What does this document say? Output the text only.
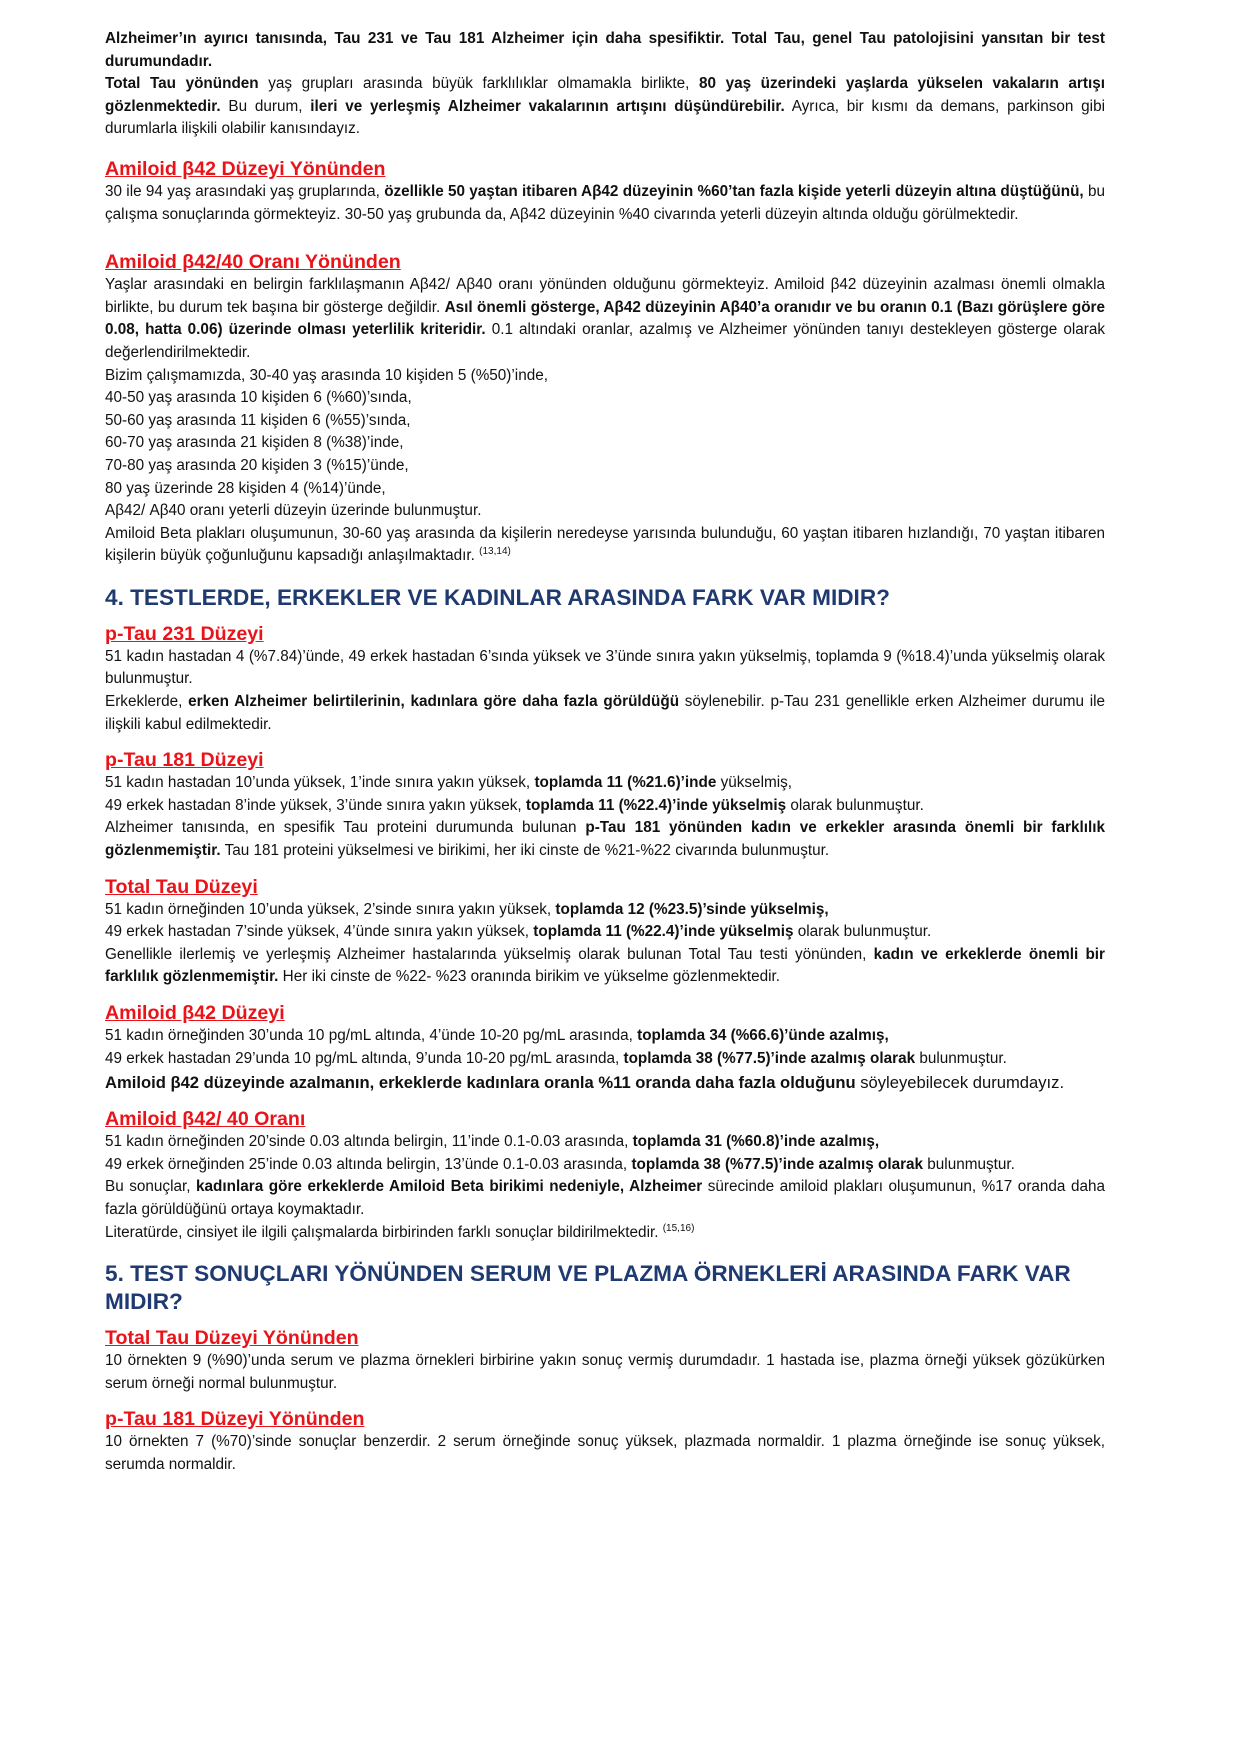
Alzheimer’ın ayırıcı tanısında, Tau 231 ve Tau 181 Alzheimer için daha spesifiktir. Total Tau, genel Tau patolojisini yansıtan bir test durumundadır.

Total Tau yönünden yaş grupları arasında büyük farklılıklar olmamakla birlikte, 80 yaş üzerindeki yaşlarda yükselen vakaların artışı gözlenmektedir. Bu durum, ileri ve yerleşmiş Alzheimer vakalarının artışını düşündürebilir. Ayrıca, bir kısmı da demans, parkinson gibi durumlarla ilişkili olabilir kanısındayız.

Amiloid β42 Düzeyi Yönünden

30 ile 94 yaş arasındaki yaş gruplarında, özellikle 50 yaştan itibaren Aβ42 düzeyinin %60’tan fazla kişide yeterli düzeyin altına düştüğünü, bu çalışma sonuçlarında görmekteyiz. 30-50 yaş grubunda da, Aβ42 düzeyinin %40 civarında yeterli düzeyin altında olduğu görülmektedir.

Amiloid β42/40 Oranı Yönünden

Yaşlar arasındaki en belirgin farklılaşmanın Aβ42/ Aβ40 oranı yönünden olduğunu görmekteyiz. Amiloid β42 düzeyinin azalması önemli olmakla birlikte, bu durum tek başına bir gösterge değildir. Asıl önemli gösterge, Aβ42 düzeyinin Aβ40’a oranıdır ve bu oranın 0.1 (Bazı görüşlere göre 0.08, hatta 0.06) üzerinde olması yeterlilik kriteridir. 0.1 altındaki oranlar, azalmış ve Alzheimer yönünden tanıyı destekleyen gösterge olarak değerlendirilmektedir.

Bizim çalışmamızda, 30-40 yaş arasında 10 kişiden 5 (%50)’inde,

40-50 yaş arasında 10 kişiden 6 (%60)’sında,

50-60 yaş arasında 11 kişiden 6 (%55)’sında,

60-70 yaş arasında 21 kişiden 8 (%38)’inde,

70-80 yaş arasında 20 kişiden 3 (%15)’ünde,

80 yaş üzerinde 28 kişiden 4 (%14)’ünde,

Aβ42/ Aβ40 oranı yeterli düzeyin üzerinde bulunmuştur.

Amiloid Beta plakları oluşumunun, 30-60 yaş arasında da kişilerin neredeyse yarısında bulunduğu, 60 yaştan itibaren hızlandığı, 70 yaştan itibaren kişilerin büyük çoğunluğunu kapsadığı anlaşılmaktadır. $^{(13,14)}$

4. TESTLERDE, ERKEKLER VE KADINLAR ARASINDA FARK VAR MIDIR?
p-Tau 231 Düzeyi

51 kadın hastadan 4 (%7.84)’ünde, 49 erkek hastadan 6’sında yüksek ve 3’ünde sınıra yakın yükselmiş, toplamda 9 (%18.4)’unda yükselmiş olarak bulunmuştur.

Erkeklerde, erken Alzheimer belirtilerinin, kadınlara göre daha fazla görüldüğü söylenebilir. p-Tau 231 genellikle erken Alzheimer durumu ile ilişkili kabul edilmektedir.

p-Tau 181 Düzeyi

51 kadın hastadan 10’unda yüksek, 1’inde sınıra yakın yüksek, toplamda 11 (%21.6)’inde yükselmiş,

49 erkek hastadan 8’inde yüksek, 3’ünde sınıra yakın yüksek, toplamda 11 (%22.4)’inde yükselmiş olarak bulunmuştur.

Alzheimer tanısında, en spesifik Tau proteini durumunda bulunan p-Tau 181 yönünden kadın ve erkekler arasında önemli bir farklılık gözlenmemiştir. Tau 181 proteini yükselmesi ve birikimi, her iki cinste de %21-%22 civarında bulunmuştur.

Total Tau Düzeyi

51 kadın örneğinden 10’unda yüksek, 2’sinde sınıra yakın yüksek, toplamda 12 (%23.5)’sinde yükselmiş,

49 erkek hastadan 7’sinde yüksek, 4’ünde sınıra yakın yüksek, toplamda 11 (%22.4)’inde yükselmiş olarak bulunmuştur.

Genellikle ilerlemiş ve yerleşmiş Alzheimer hastalarında yükselmiş olarak bulunan Total Tau testi yönünden, kadın ve erkeklerde önemli bir farklılık gözlenmemiştir. Her iki cinste de %22- %23 oranında birikim ve yükselme gözlenmektedir.

Amiloid β42 Düzeyi

51 kadın örneğinden 30’unda 10 pg/mL altında, 4’ünde 10-20 pg/mL arasında, toplamda 34 (%66.6)’ünde azalmış,

49 erkek hastadan 29’unda 10 pg/mL altında, 9’unda 10-20 pg/mL arasında, toplamda 38 (%77.5)’inde azalmış olarak bulunmuştur.

Amiloid β42 düzeyinde azalmanın, erkeklerde kadınlara oranla %11 oranda daha fazla olduğunu söyleyebilecek durumdayız.

Amiloid β42/ 40 Oranı

51 kadın örneğinden 20’sinde 0.03 altında belirgin, 11’inde 0.1-0.03 arasında, toplamda 31 (%60.8)’inde azalmış,

49 erkek örneğinden 25’inde 0.03 altında belirgin, 13’ünde 0.1-0.03 arasında, toplamda 38 (%77.5)’inde azalmış olarak bulunmuştur.

Bu sonuçlar, kadınlara göre erkeklerde Amiloid Beta birikimi nedeniyle, Alzheimer sürecinde amiloid plakları oluşumunun, %17 oranda daha fazla görüldüğünü ortaya koymaktadır.

Literatürde, cinsiyet ile ilgili çalışmalarda birbirinden farklı sonuçlar bildirilmektedir. $^{(15,16)}$

5. TEST SONUÇLARI YÖNÜNDEN SERUM VE PLAZMA ÖRNEKLERİ ARASINDA FARK VAR MIDIR?
Total Tau Düzeyi Yönünden

10 örnekten 9 (%90)’unda serum ve plazma örnekleri birbirine yakın sonuç vermiş durumdadır. 1 hastada ise, plazma örneği yüksek gözükürken serum örneği normal bulunmuştur.

p-Tau 181 Düzeyi Yönünden

10 örnekten 7 (%70)’sinde sonuçlar benzerdir. 2 serum örneğinde sonuç yüksek, plazmada normaldir. 1 plazma örneğinde ise sonuç yüksek, serumda normaldir.
